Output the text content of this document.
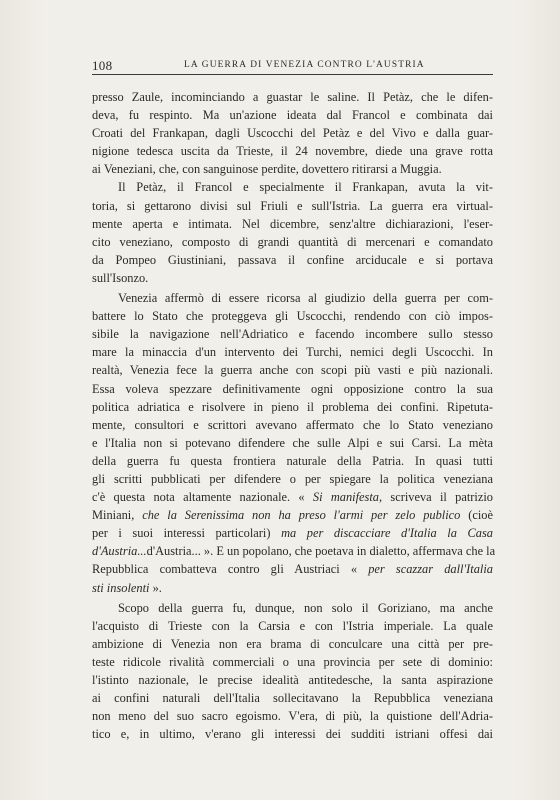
108	LA GUERRA DI VENEZIA CONTRO L'AUSTRIA
presso Zaule, incominciando a guastar le saline. Il Petàz, che le difen-
deva, fu respinto. Ma un'azione ideata dal Francol e combinata dai
Croati del Frankapan, dagli Uscocchi del Petàz e del Vivo e dalla guar-
nigione tedesca uscita da Trieste, il 24 novembre, diede una grave rotta
ai Veneziani, che, con sanguinose perdite, dovettero ritirarsi a Muggia.
Il Petàz, il Francol e specialmente il Frankapan, avuta la vit-
toria, si gettarono divisi sul Friuli e sull'Istria. La guerra era virtual-
mente aperta e intimata. Nel dicembre, senz'altre dichiarazioni, l'eser-
cito veneziano, composto di grandi quantità di mercenari e comandato
da Pompeo Giustiniani, passava il confine arciducale e si portava
sull'Isonzo.
Venezia affermò di essere ricorsa al giudizio della guerra per com-
battere lo Stato che proteggeva gli Uscocchi, rendendo con ciò impos-
sibile la navigazione nell'Adriatico e facendo incombere sullo stesso
mare la minaccia d'un intervento dei Turchi, nemici degli Uscocchi. In
realtà, Venezia fece la guerra anche con scopi più vasti e più nazionali.
Essa voleva spezzare definitivamente ogni opposizione contro la sua
politica adriatica e risolvere in pieno il problema dei confini. Ripetuta-
mente, consultori e scrittori avevano affermato che lo Stato veneziano
e l'Italia non si potevano difendere che sulle Alpi e sui Carsi. La mèta
della guerra fu questa frontiera naturale della Patria. In quasi tutti
gli scritti pubblicati per difendere o per spiegare la politica veneziana
c'è questa nota altamente nazionale. « Si manifesta, scriveva il patrizio
Miniani, che la Serenissima non ha preso l'armi per zelo publico (cioè
per i suoi interessi particolari) ma per discacciare d'Italia la Casa
d'Austria...d'Austria... ». E un popolano, che poetava in dialetto, affermava che la
Repubblica combatteva contro gli Austriaci « per scazzar dall'Italia
sti insolenti ».
Scopo della guerra fu, dunque, non solo il Goriziano, ma anche
l'acquisto di Trieste con la Carsia e con l'Istria imperiale. La quale
ambizione di Venezia non era brama di conculcare una città per pre-
teste ridicole rivalità commerciali o una provincia per sete di dominio:
l'istinto nazionale, le precise idealità antitedesche, la santa aspirazione
ai confini naturali dell'Italia sollecitavano la Repubblica veneziana
non meno del suo sacro egoismo. V'era, di più, la quistione dell'Adria-
tico e, in ultimo, v'erano gli interessi dei sudditi istriani offesi dai
